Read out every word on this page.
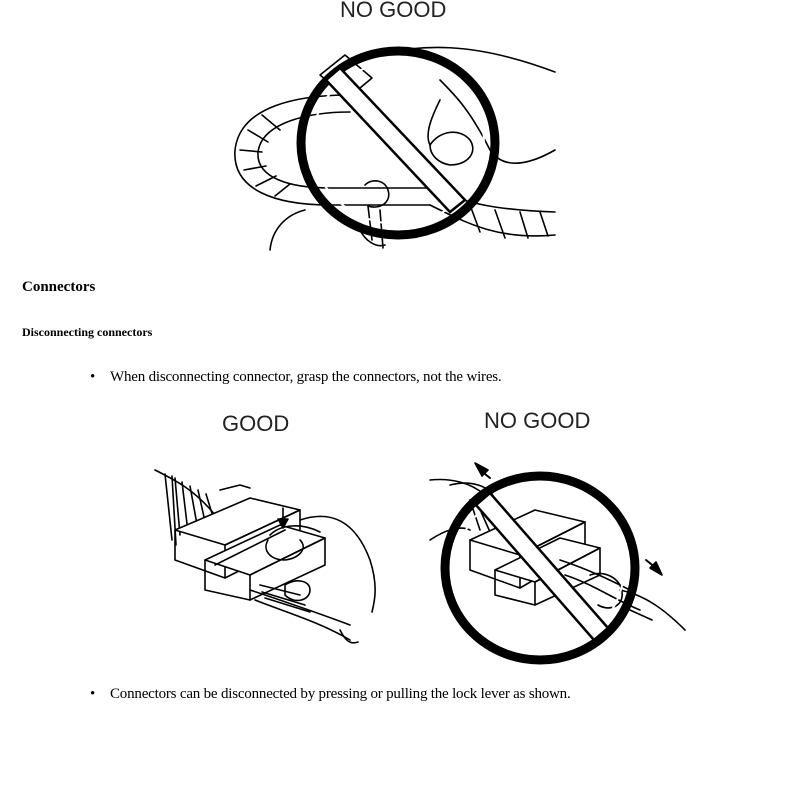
NO GOOD
GOOD	NO GOOD
Connectors
Disconnecting connectors
• When disconnecting connector, grasp the connectors, not the wires.
• Connectors can be disconnected by pressing or pulling the lock lever as shown.
